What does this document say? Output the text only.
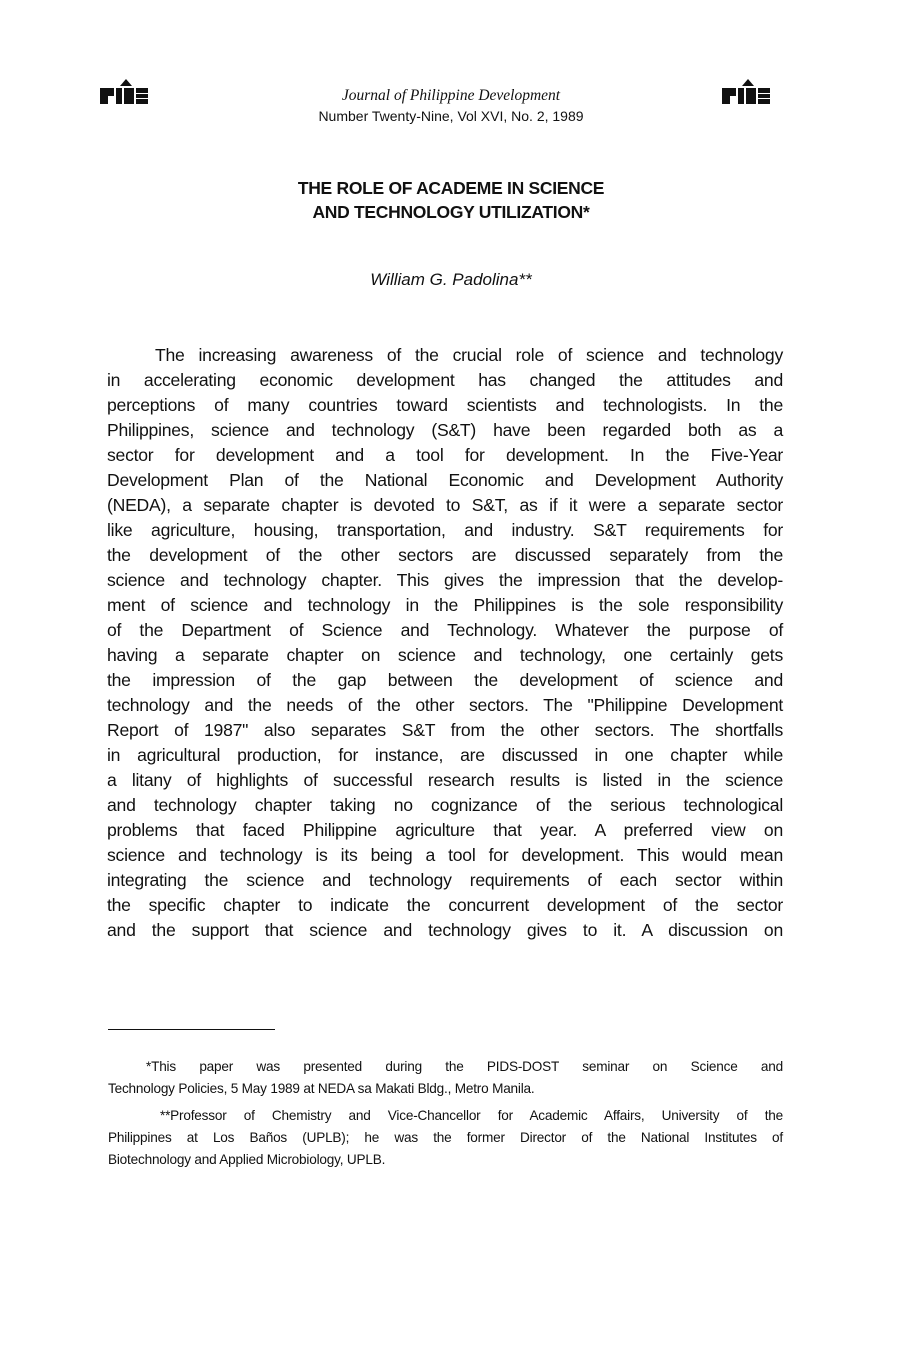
Journal of Philippine Development
Number Twenty-Nine, Vol XVI, No. 2, 1989
THE ROLE OF ACADEME IN SCIENCE
AND TECHNOLOGY UTILIZATION*
William G. Padolina**
The increasing awareness of the crucial role of science and technology
in accelerating economic development has changed the attitudes and
perceptions of many countries toward scientists and technologists. In the
Philippines, science and technology (S&T) have been regarded both as a
sector for development and a tool for development. In the Five-Year
Development Plan of the National Economic and Development Authority
(NEDA), a separate chapter is devoted to S&T, as if it were a separate sector
like agriculture, housing, transportation, and industry. S&T requirements for
the development of the other sectors are discussed separately from the
science and technology chapter. This gives the impression that the develop-
ment of science and technology in the Philippines is the sole responsibility
of the Department of Science and Technology. Whatever the purpose of
having a separate chapter on science and technology, one certainly gets
the impression of the gap between the development of science and
technology and the needs of the other sectors. The "Philippine Development
Report of 1987" also separates S&T from the other sectors. The shortfalls
in agricultural production, for instance, are discussed in one chapter while
a litany of highlights of successful research results is listed in the science
and technology chapter taking no cognizance of the serious technological
problems that faced Philippine agriculture that year. A preferred view on
science and technology is its being a tool for development. This would mean
integrating the science and technology requirements of each sector within
the specific chapter to indicate the concurrent development of the sector
and the support that science and technology gives to it. A discussion on
*This paper was presented during the PIDS-DOST seminar on Science and
Technology Policies, 5 May 1989 at NEDA sa Makati Bldg., Metro Manila.
**Professor of Chemistry and Vice-Chancellor for Academic Affairs, University of the
Philippines at Los Baños (UPLB); he was the former Director of the National Institutes of
Biotechnology and Applied Microbiology, UPLB.
